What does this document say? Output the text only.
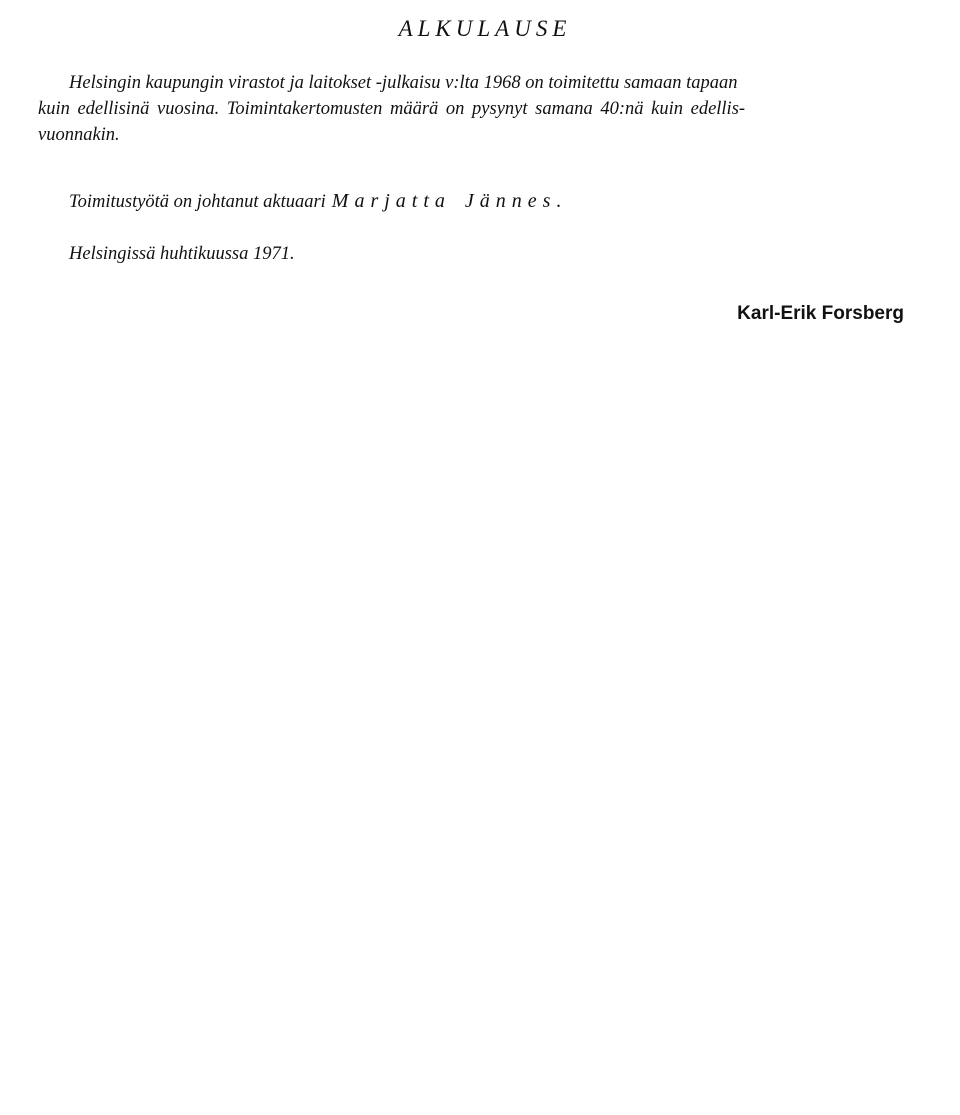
ALKULAUSE

Helsingin kaupungin virastot ja laitokset -julkaisu v:lta 1968 on toimitettu samaan tapaan
kuin edellisinä vuosina. Toimintakertomusten määrä on pysynyt samana 40:nä kuin edellis-
vuonnakin.

Toimitustyötä on johtanut aktuaari Marjatta Jännes.
Helsingissä huhtikuussa 1971.
Karl-Erik Forsberg
